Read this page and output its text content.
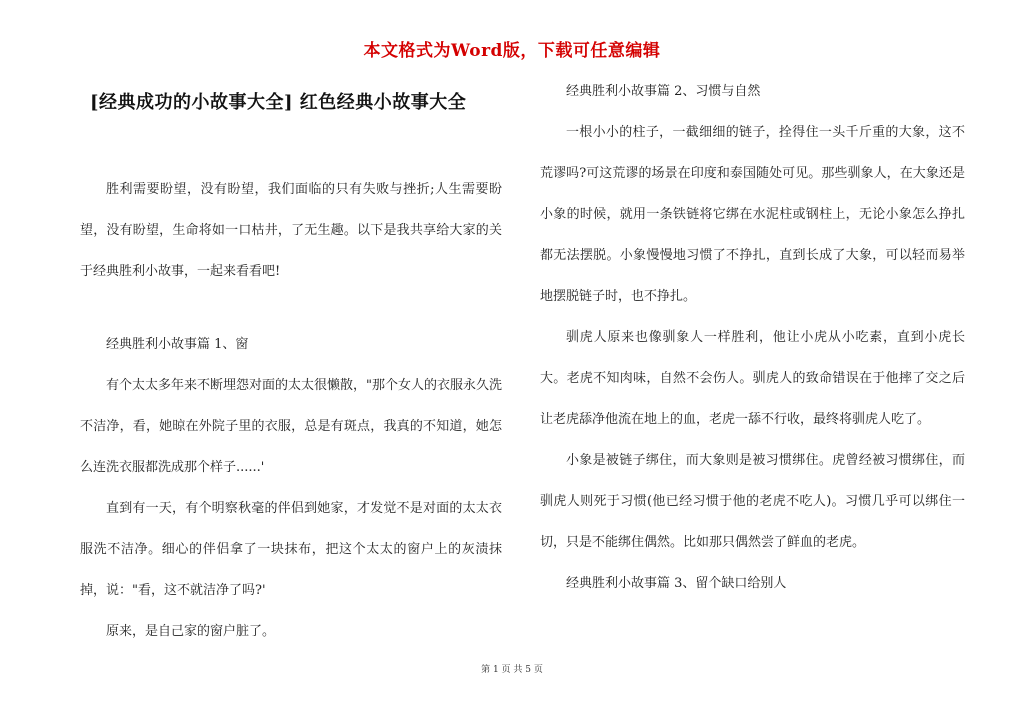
本文格式为Word版，下载可任意编辑
[经典成功的小故事大全] 红色经典小故事大全

胜利需要盼望，没有盼望，我们面临的只有失败与挫折;人生需要盼望，没有盼望，生命将如一口枯井，了无生趣。以下是我共享给大家的关于经典胜利小故事，一起来看看吧!

经典胜利小故事篇 1、窗

有个太太多年来不断埋怨对面的太太很懒散，"那个女人的衣服永久洗不洁净，看，她晾在外院子里的衣服，总是有斑点，我真的不知道，她怎么连洗衣服都洗成那个样子......'

直到有一天，有个明察秋毫的伴侣到她家，才发觉不是对面的太太衣服洗不洁净。细心的伴侣拿了一块抹布，把这个太太的窗户上的灰渍抹掉，说："看，这不就洁净了吗?'

原来，是自己家的窗户脏了。

经典胜利小故事篇 2、习惯与自然

一根小小的柱子，一截细细的链子，拴得住一头千斤重的大象，这不荒谬吗?可这荒谬的场景在印度和泰国随处可见。那些驯象人，在大象还是小象的时候，就用一条铁链将它绑在水泥柱或钢柱上，无论小象怎么挣扎都无法摆脱。小象慢慢地习惯了不挣扎，直到长成了大象，可以轻而易举地摆脱链子时，也不挣扎。

驯虎人原来也像驯象人一样胜利，他让小虎从小吃素，直到小虎长大。老虎不知肉味，自然不会伤人。驯虎人的致命错误在于他摔了交之后让老虎舔净他流在地上的血，老虎一舔不行收，最终将驯虎人吃了。

小象是被链子绑住，而大象则是被习惯绑住。虎曾经被习惯绑住，而驯虎人则死于习惯(他已经习惯于他的老虎不吃人)。习惯几乎可以绑住一切，只是不能绑住偶然。比如那只偶然尝了鲜血的老虎。

经典胜利小故事篇 3、留个缺口给别人
第 1 页 共 5 页
